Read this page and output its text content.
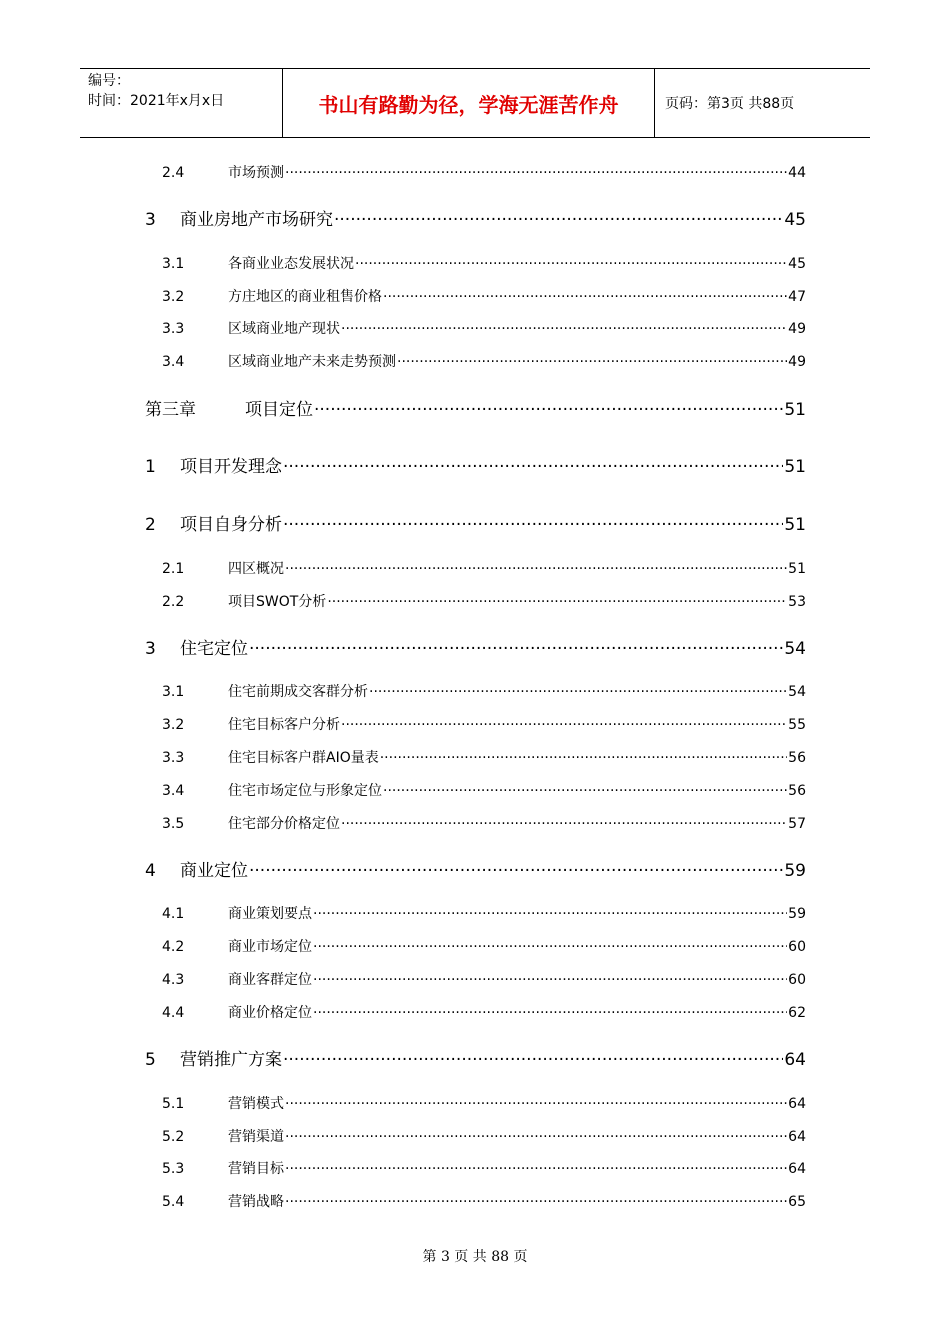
编号：
时间：2021年x月x日	书山有路勤为径，学海无涯苦作舟	页码：第3页 共88页
2.4	市场预测 .....	44
3	商业房地产市场研究 .....	45
3.1	各商业业态发展状况 .....	45
3.2	方庄地区的商业租售价格 .....	47
3.3	区域商业地产现状 .....	49
3.4	区域商业地产未来走势预测 .....	49
第三章	项目定位 .....	51
1	项目开发理念 .....	51
2	项目自身分析 .....	51
2.1	四区概况 .....	51
2.2	项目SWOT分析 .....	53
3	住宅定位 .....	54
3.1	住宅前期成交客群分析 .....	54
3.2	住宅目标客户分析 .....	55
3.3	住宅目标客户群AIO量表 .....	56
3.4	住宅市场定位与形象定位 .....	56
3.5	住宅部分价格定位 .....	57
4	商业定位 .....	59
4.1	商业策划要点 .....	59
4.2	商业市场定位 .....	60
4.3	商业客群定位 .....	60
4.4	商业价格定位 .....	62
5	营销推广方案 .....	64
5.1	营销模式 .....	64
5.2	营销渠道 .....	64
5.3	营销目标 .....	64
5.4	营销战略 .....	65
第 3 页 共 88 页
